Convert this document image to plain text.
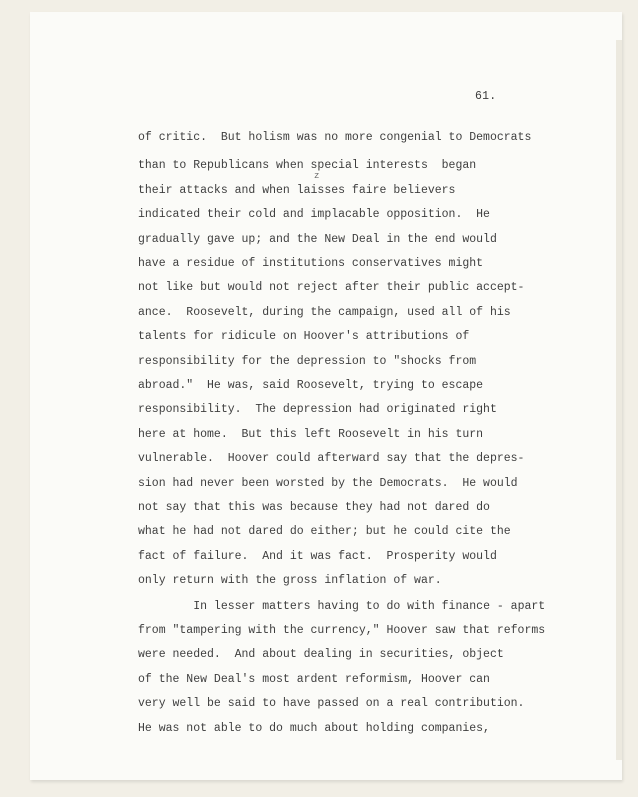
61.
z
of critic.  But holism was no more congenial to Democrats
than to Republicans when special interests  began
their attacks and when laisses faire believers
indicated their cold and implacable opposition.  He
gradually gave up; and the New Deal in the end would
have a residue of institutions conservatives might
not like but would not reject after their public accept-
ance.  Roosevelt, during the campaign, used all of his
talents for ridicule on Hoover's attributions of
responsibility for the depression to "shocks from
abroad."  He was, said Roosevelt, trying to escape
responsibility.  The depression had originated right
here at home.  But this left Roosevelt in his turn
vulnerable.  Hoover could afterward say that the depres-
sion had never been worsted by the Democrats.  He would
not say that this was because they had not dared do
what he had not dared do either; but he could cite the
fact of failure.  And it was fact.  Prosperity would
only return with the gross inflation of war.
In lesser matters having to do with finance - apart
from "tampering with the currency," Hoover saw that reforms
were needed.  And about dealing in securities, object
of the New Deal's most ardent reformism, Hoover can
very well be said to have passed on a real contribution.
He was not able to do much about holding companies,
